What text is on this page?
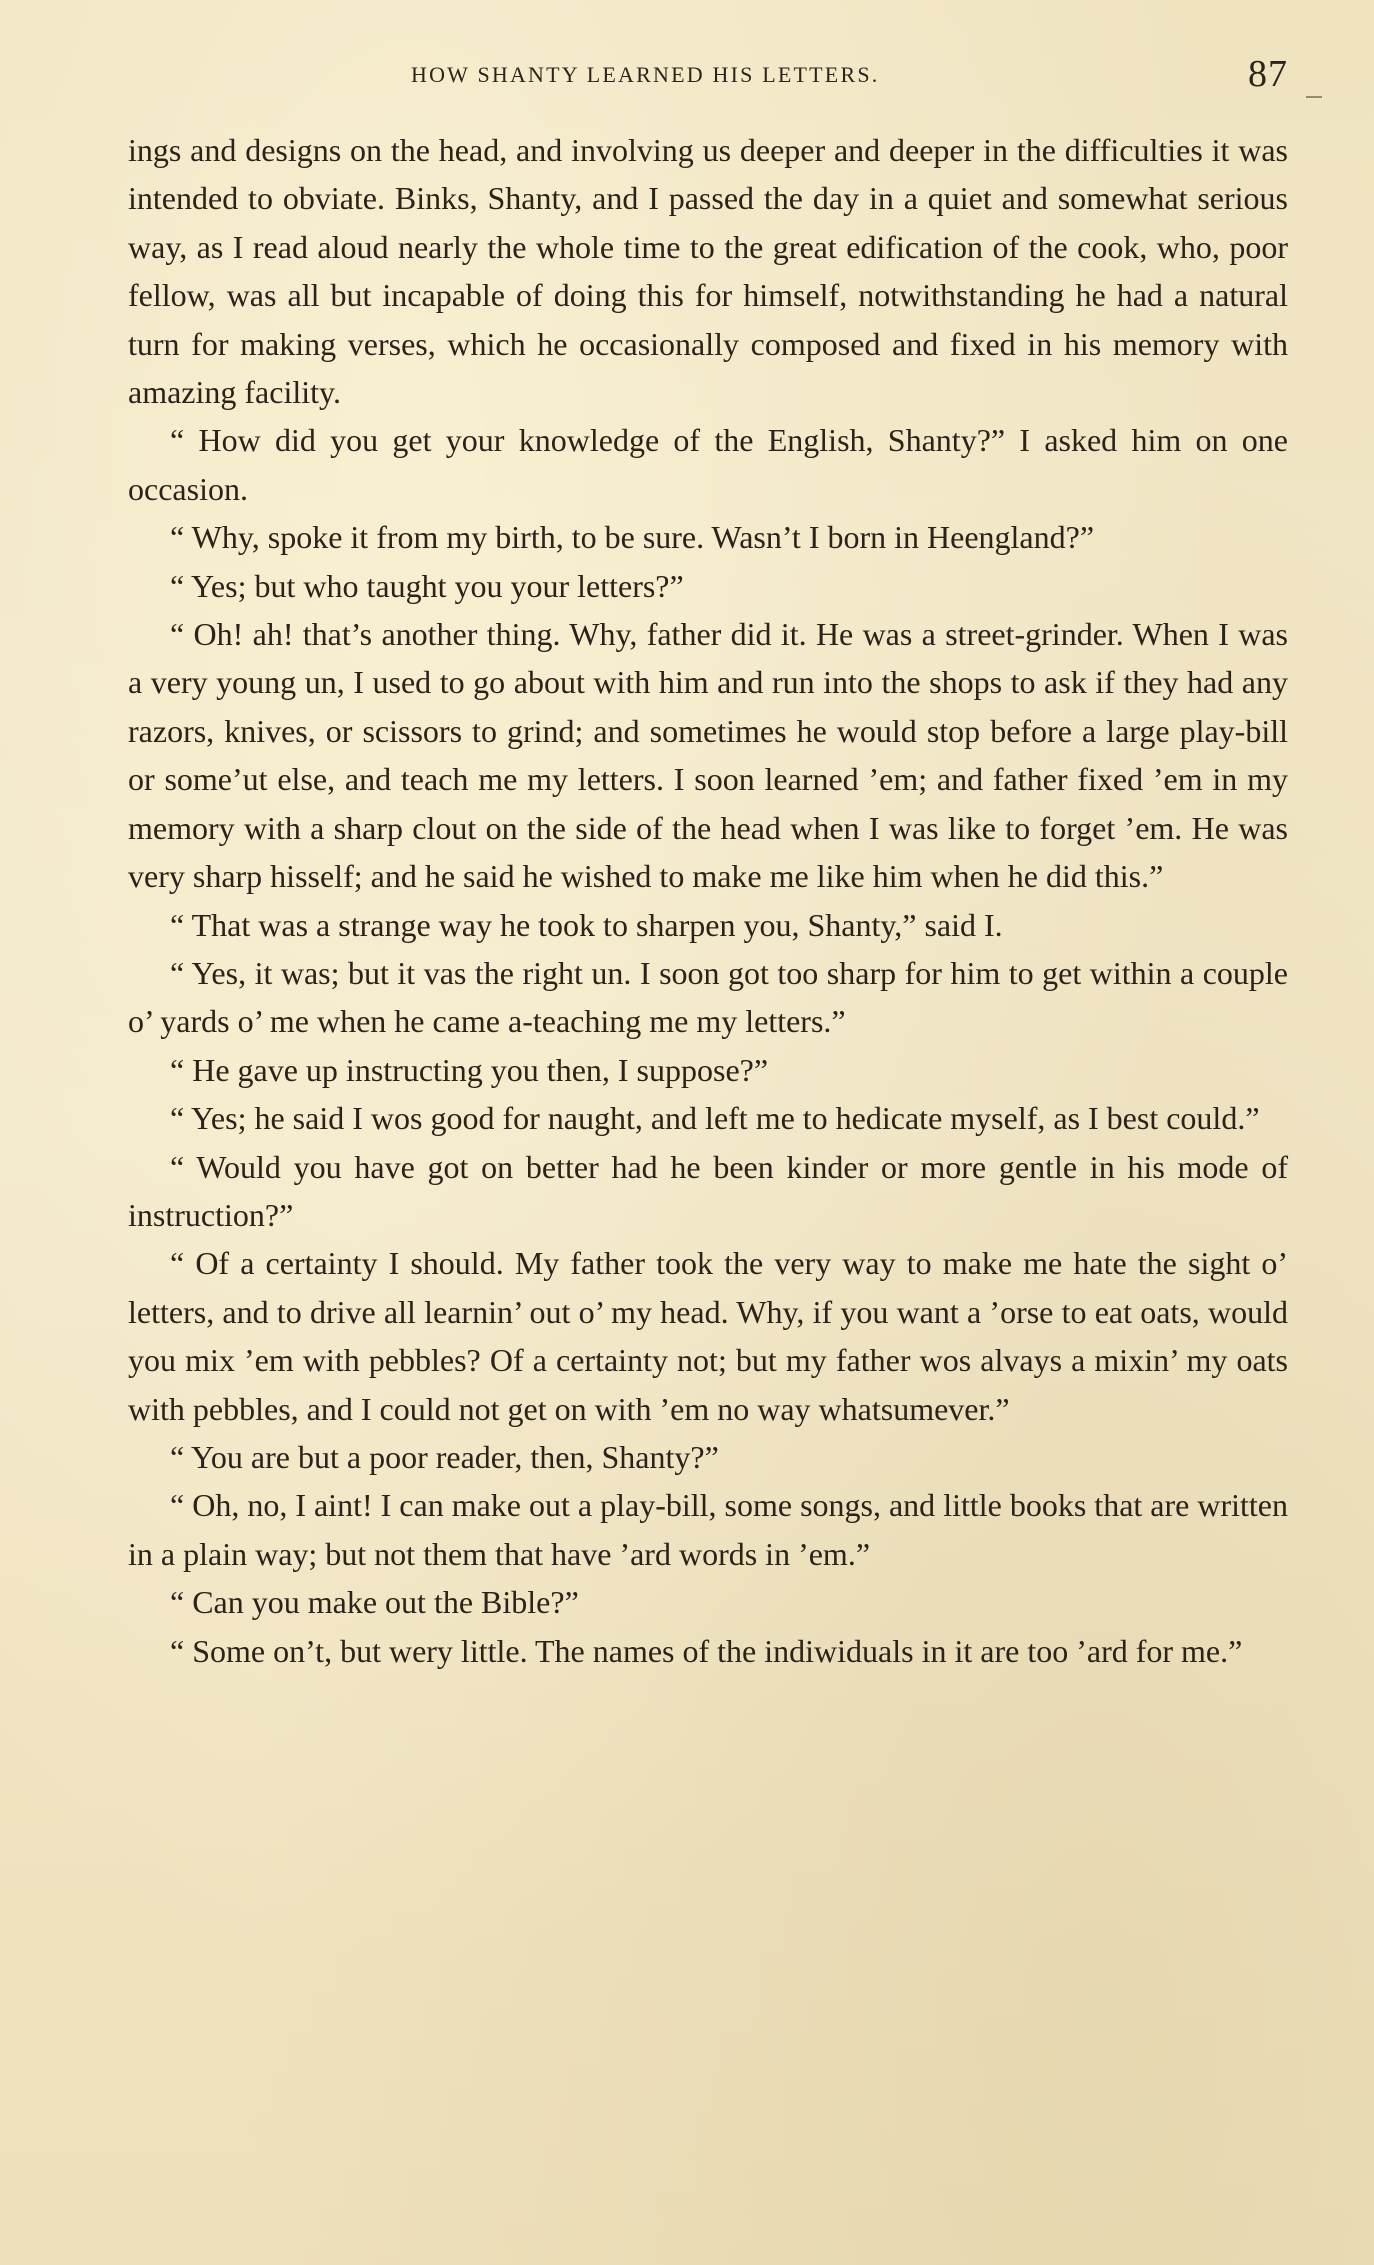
HOW SHANTY LEARNED HIS LETTERS.	87

ings and designs on the head, and involving us deeper and deeper in the difficulties it was intended to obviate. Binks, Shanty, and I passed the day in a quiet and somewhat serious way, as I read aloud nearly the whole time to the great edification of the cook, who, poor fellow, was all but incapable of doing this for himself, notwithstanding he had a natural turn for making verses, which he occasionally composed and fixed in his memory with amazing facility.

“ How did you get your knowledge of the English, Shanty?” I asked him on one occasion.

“ Why, spoke it from my birth, to be sure. Wasn’t I born in Heengland?”

“ Yes; but who taught you your letters?”

“ Oh! ah! that’s another thing. Why, father did it. He was a street-grinder. When I was a very young un, I used to go about with him and run into the shops to ask if they had any razors, knives, or scissors to grind; and sometimes he would stop before a large play-bill or some’ut else, and teach me my letters. I soon learned ’em; and father fixed ’em in my memory with a sharp clout on the side of the head when I was like to forget ’em. He was very sharp hisself; and he said he wished to make me like him when he did this.”

“ That was a strange way he took to sharpen you, Shanty,” said I.

“ Yes, it was; but it vas the right un. I soon got too sharp for him to get within a couple o’ yards o’ me when he came a-teaching me my letters.”

“ He gave up instructing you then, I suppose?”

“ Yes; he said I wos good for naught, and left me to hedicate myself, as I best could.”

“ Would you have got on better had he been kinder or more gentle in his mode of instruction?”

“ Of a certainty I should. My father took the very way to make me hate the sight o’ letters, and to drive all learnin’ out o’ my head. Why, if you want a ’orse to eat oats, would you mix ’em with pebbles? Of a certainty not; but my father wos alvays a mixin’ my oats with pebbles, and I could not get on with ’em no way whatsumever.”

“ You are but a poor reader, then, Shanty?”

“ Oh, no, I aint! I can make out a play-bill, some songs, and little books that are written in a plain way; but not them that have ’ard words in ’em.”

“ Can you make out the Bible?”

“ Some on’t, but wery little. The names of the indiwiduals in it are too ’ard for me.”
